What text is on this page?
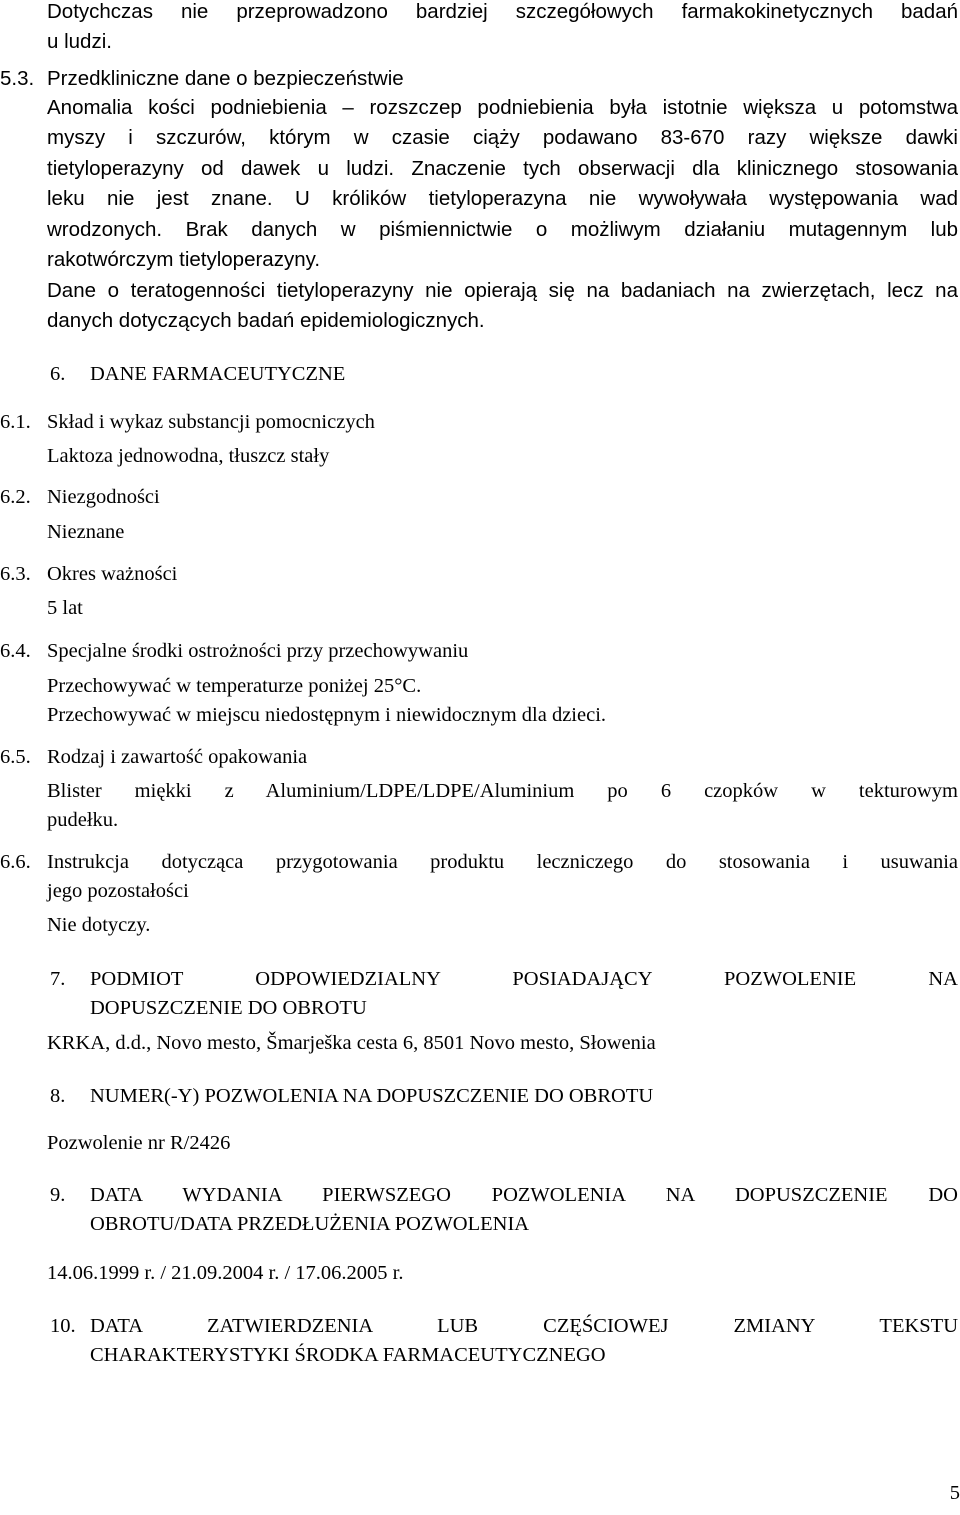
Dotychczas nie przeprowadzono bardziej szczegółowych farmakokinetycznych badań

u ludzi.

5.3. Przedkliniczne dane o bezpieczeństwie

Anomalia kości podniebienia – rozszczep podniebienia była istotnie większa u potomstwa

myszy i szczurów, którym w czasie ciąży podawano 83-670 razy większe dawki

tietyloperazyny od dawek u ludzi. Znaczenie tych obserwacji dla klinicznego stosowania

leku nie jest znane. U królików tietyloperazyna nie wywoływała występowania wad

wrodzonych. Brak danych w piśmiennictwie o możliwym działaniu mutagennym lub

rakotwórczym tietyloperazyny.

Dane o teratogenności tietyloperazyny nie opierają się na badaniach na zwierzętach, lecz na

danych dotyczących badań epidemiologicznych.

6. DANE FARMACEUTYCZNE
6.1. Skład i wykaz substancji pomocniczych

Laktoza jednowodna, tłuszcz stały

6.2. Niezgodności

Nieznane

6.3. Okres ważności

5 lat

6.4. Specjalne środki ostrożności przy przechowywaniu

Przechowywać w temperaturze poniżej 25°C.

Przechowywać w miejscu niedostępnym i niewidocznym dla dzieci.

6.5. Rodzaj i zawartość opakowania

Blister miękki z Aluminium/LDPE/LDPE/Aluminium po 6 czopków w tekturowym

pudełku.

6.6. Instrukcja dotycząca przygotowania produktu leczniczego do stosowania i usuwania

jego pozostałości

Nie dotyczy.

7. PODMIOT ODPOWIEDZIALNY POSIADAJĄCY POZWOLENIE NA

DOPUSZCZENIE DO OBROTU

KRKA, d.d., Novo mesto, Šmarješka cesta 6, 8501 Novo mesto, Słowenia

8. NUMER(-Y) POZWOLENIA NA DOPUSZCZENIE DO OBROTU

Pozwolenie nr R/2426

9. DATA WYDANIA PIERWSZEGO POZWOLENIA NA DOPUSZCZENIE DO

OBROTU/DATA PRZEDŁUŻENIA POZWOLENIA

14.06.1999 r. / 21.09.2004 r. / 17.06.2005 r.

10. DATA ZATWIERDZENIA LUB CZĘŚCIOWEJ ZMIANY TEKSTU

CHARAKTERYSTYKI ŚRODKA FARMACEUTYCZNEGO

5
